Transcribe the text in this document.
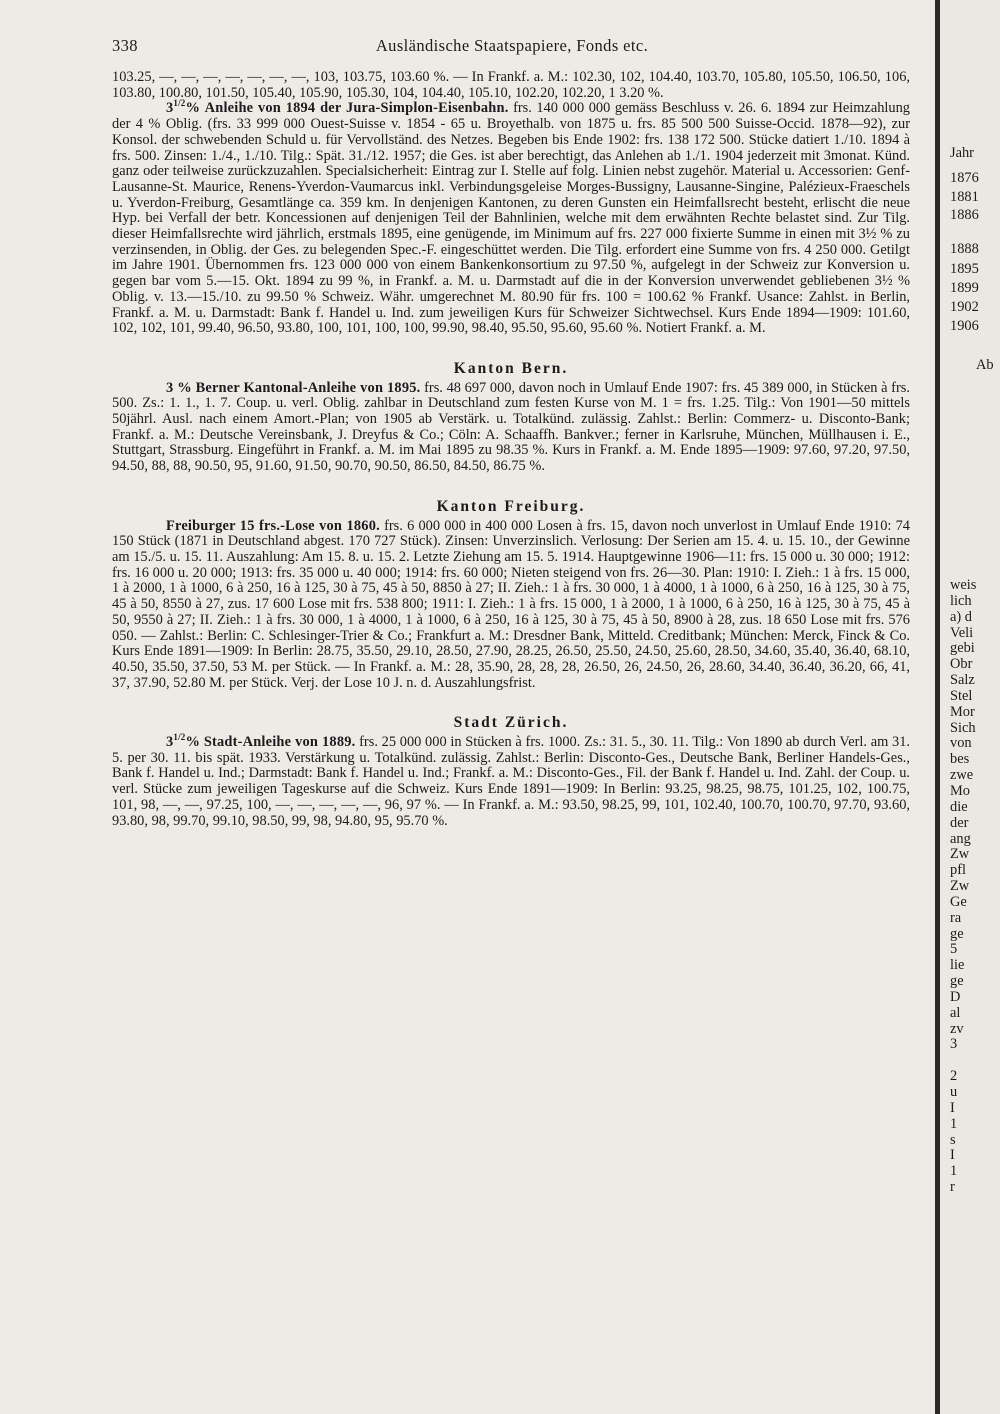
338	Ausländische Staatspapiere, Fonds etc.

103.25, —, —, —, —, —, —, —, 103, 103.75, 103.60 %. — In Frankf. a. M.: 102.30, 102, 104.40, 103.70, 105.80, 105.50, 106.50, 106, 103.80, 100.80, 101.50, 105.40, 105.90, 105.30, 104, 104.40, 105.10, 102.20, 102.20, 1 3.20 %.

$3^{1/2}\%$ Anleihe von 1894 der Jura-Simplon-Eisenbahn. frs. 140 000 000 gemäss Beschluss v. 26. 6. 1894 zur Heimzahlung der 4 % Oblig. (frs. 33 999 000 Ouest-Suisse v. 1854 - 65 u. Broyethalb. von 1875 u. frs. 85 500 500 Suisse-Occid. 1878—92), zur Konsol. der schwebenden Schuld u. für Vervollständ. des Netzes. Begeben bis Ende 1902: frs. 138 172 500. Stücke datiert 1./10. 1894 à frs. 500. Zinsen: 1./4., 1./10. Tilg.: Spät. 31./12. 1957; die Ges. ist aber berechtigt, das Anlehen ab 1./1. 1904 jederzeit mit 3monat. Künd. ganz oder teilweise zurückzuzahlen. Specialsicherheit: Eintrag zur I. Stelle auf folg. Linien nebst zugehör. Material u. Accessorien: Genf-Lausanne-St. Maurice, Renens-Yverdon-Vaumarcus inkl. Verbindungsgeleise Morges-Bussigny, Lausanne-Singine, Palézieux-Fraeschels u. Yverdon-Freiburg, Gesamtlänge ca. 359 km. In denjenigen Kantonen, zu deren Gunsten ein Heimfallsrecht besteht, erlischt die neue Hyp. bei Verfall der betr. Koncessionen auf denjenigen Teil der Bahnlinien, welche mit dem erwähnten Rechte belastet sind. Zur Tilg. dieser Heimfallsrechte wird jährlich, erstmals 1895, eine genügende, im Minimum auf frs. 227 000 fixierte Summe in einen mit 3½ % zu verzinsenden, in Oblig. der Ges. zu belegenden Spec.-F. eingeschüttet werden. Die Tilg. erfordert eine Summe von frs. 4 250 000. Getilgt im Jahre 1901. Übernommen frs. 123 000 000 von einem Bankenkonsortium zu 97.50 %, aufgelegt in der Schweiz zur Konversion u. gegen bar vom 5.—15. Okt. 1894 zu 99 %, in Frankf. a. M. u. Darmstadt auf die in der Konversion unverwendet gebliebenen 3½ % Oblig. v. 13.—15./10. zu 99.50 % Schweiz. Währ. umgerechnet M. 80.90 für frs. 100 = 100.62 % Frankf. Usance: Zahlst. in Berlin, Frankf. a. M. u. Darmstadt: Bank f. Handel u. Ind. zum jeweiligen Kurs für Schweizer Sichtwechsel. Kurs Ende 1894—1909: 101.60, 102, 102, 101, 99.40, 96.50, 93.80, 100, 101, 100, 100, 99.90, 98.40, 95.50, 95.60, 95.60 %. Notiert Frankf. a. M.

Kanton Bern.

3 % Berner Kantonal-Anleihe von 1895. frs. 48 697 000, davon noch in Umlauf Ende 1907: frs. 45 389 000, in Stücken à frs. 500. Zs.: 1. 1., 1. 7. Coup. u. verl. Oblig. zahlbar in Deutschland zum festen Kurse von M. 1 = frs. 1.25. Tilg.: Von 1901—50 mittels 50jährl. Ausl. nach einem Amort.-Plan; von 1905 ab Verstärk. u. Totalkünd. zulässig. Zahlst.: Berlin: Commerz- u. Disconto-Bank; Frankf. a. M.: Deutsche Vereinsbank, J. Dreyfus & Co.; Cöln: A. Schaaffh. Bankver.; ferner in Karlsruhe, München, Müllhausen i. E., Stuttgart, Strassburg. Eingeführt in Frankf. a. M. im Mai 1895 zu 98.35 %. Kurs in Frankf. a. M. Ende 1895—1909: 97.60, 97.20, 97.50, 94.50, 88, 88, 90.50, 95, 91.60, 91.50, 90.70, 90.50, 86.50, 84.50, 86.75 %.

Kanton Freiburg.

Freiburger 15 frs.-Lose von 1860. frs. 6 000 000 in 400 000 Losen à frs. 15, davon noch unverlost in Umlauf Ende 1910: 74 150 Stück (1871 in Deutschland abgest. 170 727 Stück). Zinsen: Unverzinslich. Verlosung: Der Serien am 15. 4. u. 15. 10., der Gewinne am 15./5. u. 15. 11. Auszahlung: Am 15. 8. u. 15. 2. Letzte Ziehung am 15. 5. 1914. Hauptgewinne 1906—11: frs. 15 000 u. 30 000; 1912: frs. 16 000 u. 20 000; 1913: frs. 35 000 u. 40 000; 1914: frs. 60 000; Nieten steigend von frs. 26—30. Plan: 1910: I. Zieh.: 1 à frs. 15 000, 1 à 2000, 1 à 1000, 6 à 250, 16 à 125, 30 à 75, 45 à 50, 8850 à 27; II. Zieh.: 1 à frs. 30 000, 1 à 4000, 1 à 1000, 6 à 250, 16 à 125, 30 à 75, 45 à 50, 8550 à 27, zus. 17 600 Lose mit frs. 538 800; 1911: I. Zieh.: 1 à frs. 15 000, 1 à 2000, 1 à 1000, 6 à 250, 16 à 125, 30 à 75, 45 à 50, 9550 à 27; II. Zieh.: 1 à frs. 30 000, 1 à 4000, 1 à 1000, 6 à 250, 16 à 125, 30 à 75, 45 à 50, 8900 à 28, zus. 18 650 Lose mit frs. 576 050. — Zahlst.: Berlin: C. Schlesinger-Trier & Co.; Frankfurt a. M.: Dresdner Bank, Mitteld. Creditbank; München: Merck, Finck & Co. Kurs Ende 1891—1909: In Berlin: 28.75, 35.50, 29.10, 28.50, 27.90, 28.25, 26.50, 25.50, 24.50, 25.60, 28.50, 34.60, 35.40, 36.40, 68.10, 40.50, 35.50, 37.50, 53 M. per Stück. — In Frankf. a. M.: 28, 35.90, 28, 28, 28, 26.50, 26, 24.50, 26, 28.60, 34.40, 36.40, 36.20, 66, 41, 37, 37.90, 52.80 M. per Stück. Verj. der Lose 10 J. n. d. Auszahlungsfrist.

Stadt Zürich.

$3^{1/2}\%$ Stadt-Anleihe von 1889. frs. 25 000 000 in Stücken à frs. 1000. Zs.: 31. 5., 30. 11. Tilg.: Von 1890 ab durch Verl. am 31. 5. per 30. 11. bis spät. 1933. Verstärkung u. Totalkünd. zulässig. Zahlst.: Berlin: Disconto-Ges., Deutsche Bank, Berliner Handels-Ges., Bank f. Handel u. Ind.; Darmstadt: Bank f. Handel u. Ind.; Frankf. a. M.: Disconto-Ges., Fil. der Bank f. Handel u. Ind. Zahl. der Coup. u. verl. Stücke zum jeweiligen Tageskurse auf die Schweiz. Kurs Ende 1891—1909: In Berlin: 93.25, 98.25, 98.75, 101.25, 102, 100.75, 101, 98, —, —, 97.25, 100, —, —, —, —, —, 96, 97 %. — In Frankf. a. M.: 93.50, 98.25, 99, 101, 102.40, 100.70, 100.70, 97.70, 93.60, 93.80, 98, 99.70, 99.10, 98.50, 99, 98, 94.80, 95, 95.70 %.

Jahr
1876
1881
1886
1888
1895
1899
1902
1906
Ab
weis
lich
a) d
Veli
gebi
Obr
Salz
Stel
Mor
Sich
von
bes
zwe
Mo
die
der
ang
Zw
pfl
Zw
Ge
ra
ge
5
lie
ge
D
al
zv
3
2
u
I
1
s
I
1
r
